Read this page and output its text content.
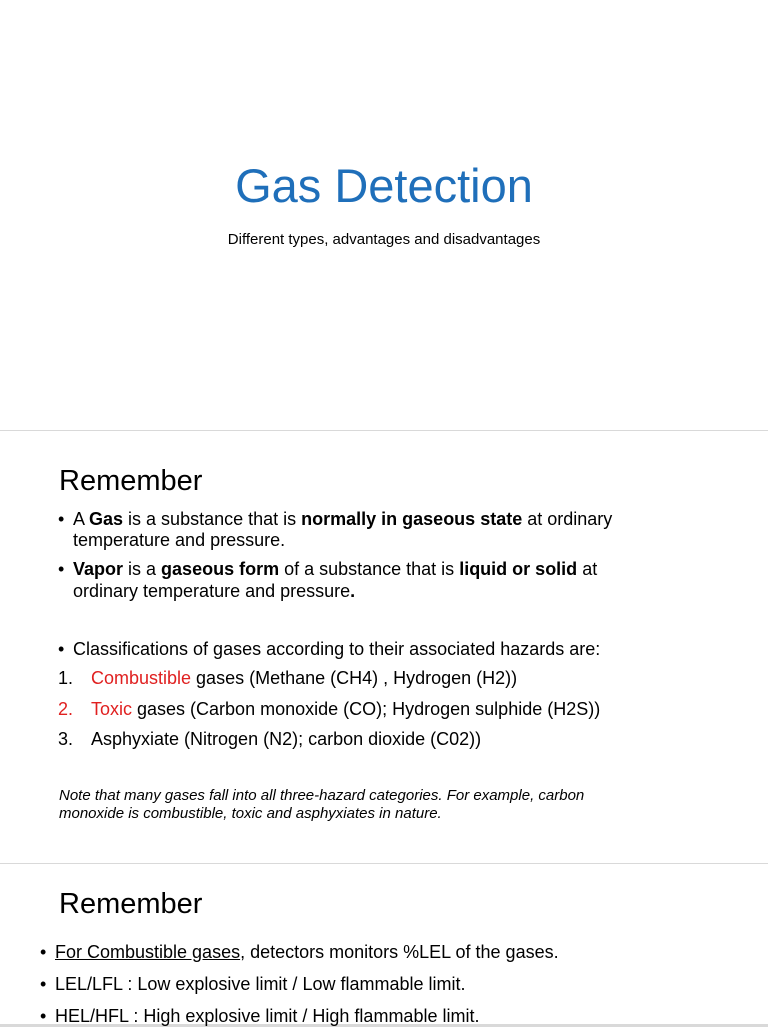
Gas Detection
Different types, advantages and disadvantages
Remember
• A Gas is a substance that is normally in gaseous state at ordinary
temperature and pressure.
• Vapor is a gaseous form of a substance that is liquid or solid at
ordinary temperature and pressure.
• Classifications of gases according to their associated hazards are:
1. Combustible gases (Methane (CH4) , Hydrogen (H2))
2. Toxic gases (Carbon monoxide (CO); Hydrogen sulphide (H2S))
3. Asphyxiate (Nitrogen (N2); carbon dioxide (C02))
Note that many gases fall into all three-hazard categories. For example, carbon
monoxide is combustible, toxic and asphyxiates in nature.
Remember
• For Combustible gases, detectors monitors %LEL of the gases.
• LEL/LFL : Low explosive limit / Low flammable limit.
• HEL/HFL : High explosive limit / High flammable limit.
